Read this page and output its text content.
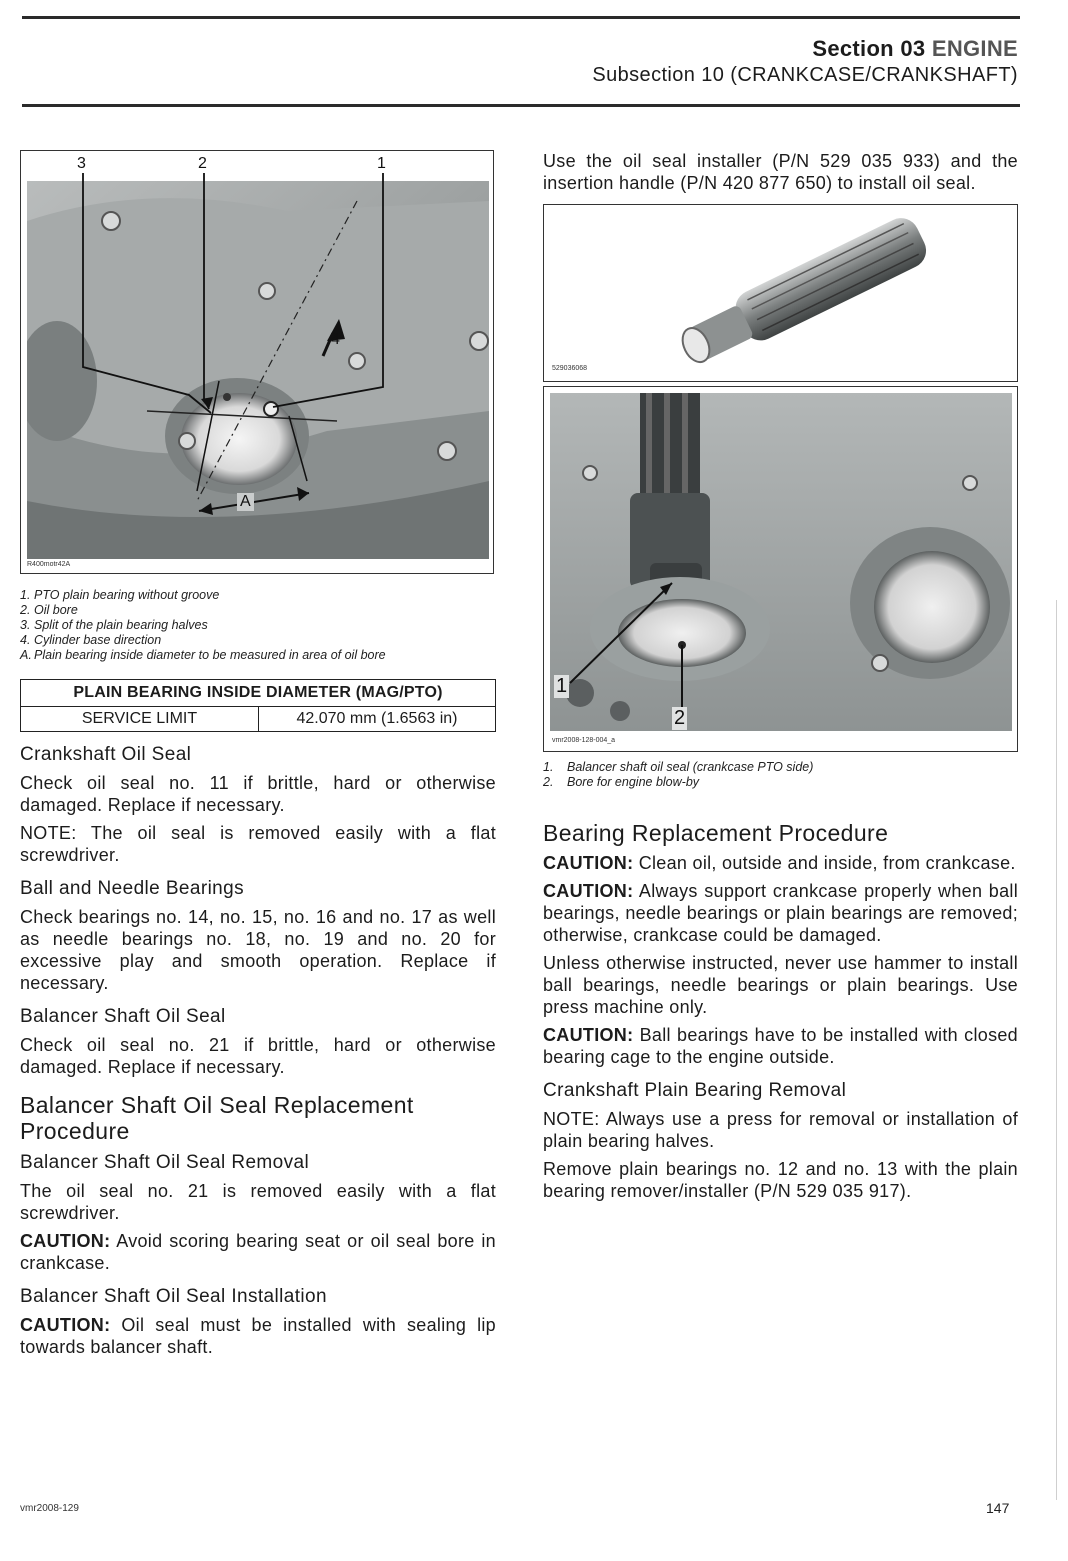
Section 03 ENGINE
Subsection 10 (CRANKCASE/CRANKSHAFT)
3	2	1
4
A
R400motr42A
1. PTO plain bearing without groove
2. Oil bore
3. Split of the plain bearing halves
4. Cylinder base direction
A. Plain bearing inside diameter to be measured in area of oil bore
PLAIN BEARING INSIDE DIAMETER (MAG/PTO)
SERVICE LIMIT	42.070 mm (1.6563 in)
Crankshaft Oil Seal
Check oil seal no. 11 if brittle, hard or otherwise damaged. Replace if necessary.
NOTE: The oil seal is removed easily with a flat screwdriver.
Ball and Needle Bearings
Check bearings no. 14, no. 15, no. 16 and no. 17 as well as needle bearings no. 18, no. 19 and no. 20 for excessive play and smooth operation. Replace if necessary.
Balancer Shaft Oil Seal
Check oil seal no. 21 if brittle, hard or otherwise damaged. Replace if necessary.
Balancer Shaft Oil Seal Replacement Procedure
Balancer Shaft Oil Seal Removal
The oil seal no. 21 is removed easily with a flat screwdriver.
CAUTION: Avoid scoring bearing seat or oil seal bore in crankcase.
Balancer Shaft Oil Seal Installation
CAUTION: Oil seal must be installed with sealing lip towards balancer shaft.
Use the oil seal installer (P/N 529 035 933) and the insertion handle (P/N 420 877 650) to install oil seal.
529036068
1
2
vmr2008-128-004_a
1.	Balancer shaft oil seal (crankcase PTO side)
2.	Bore for engine blow-by
Bearing Replacement Procedure
CAUTION: Clean oil, outside and inside, from crankcase.
CAUTION: Always support crankcase properly when ball bearings, needle bearings or plain bearings are removed; otherwise, crankcase could be damaged.
Unless otherwise instructed, never use hammer to install ball bearings, needle bearings or plain bearings. Use press machine only.
CAUTION: Ball bearings have to be installed with closed bearing cage to the engine outside.
Crankshaft Plain Bearing Removal
NOTE: Always use a press for removal or installation of plain bearing halves.
Remove plain bearings no. 12 and no. 13 with the plain bearing remover/installer (P/N 529 035 917).
vmr2008-129	147
